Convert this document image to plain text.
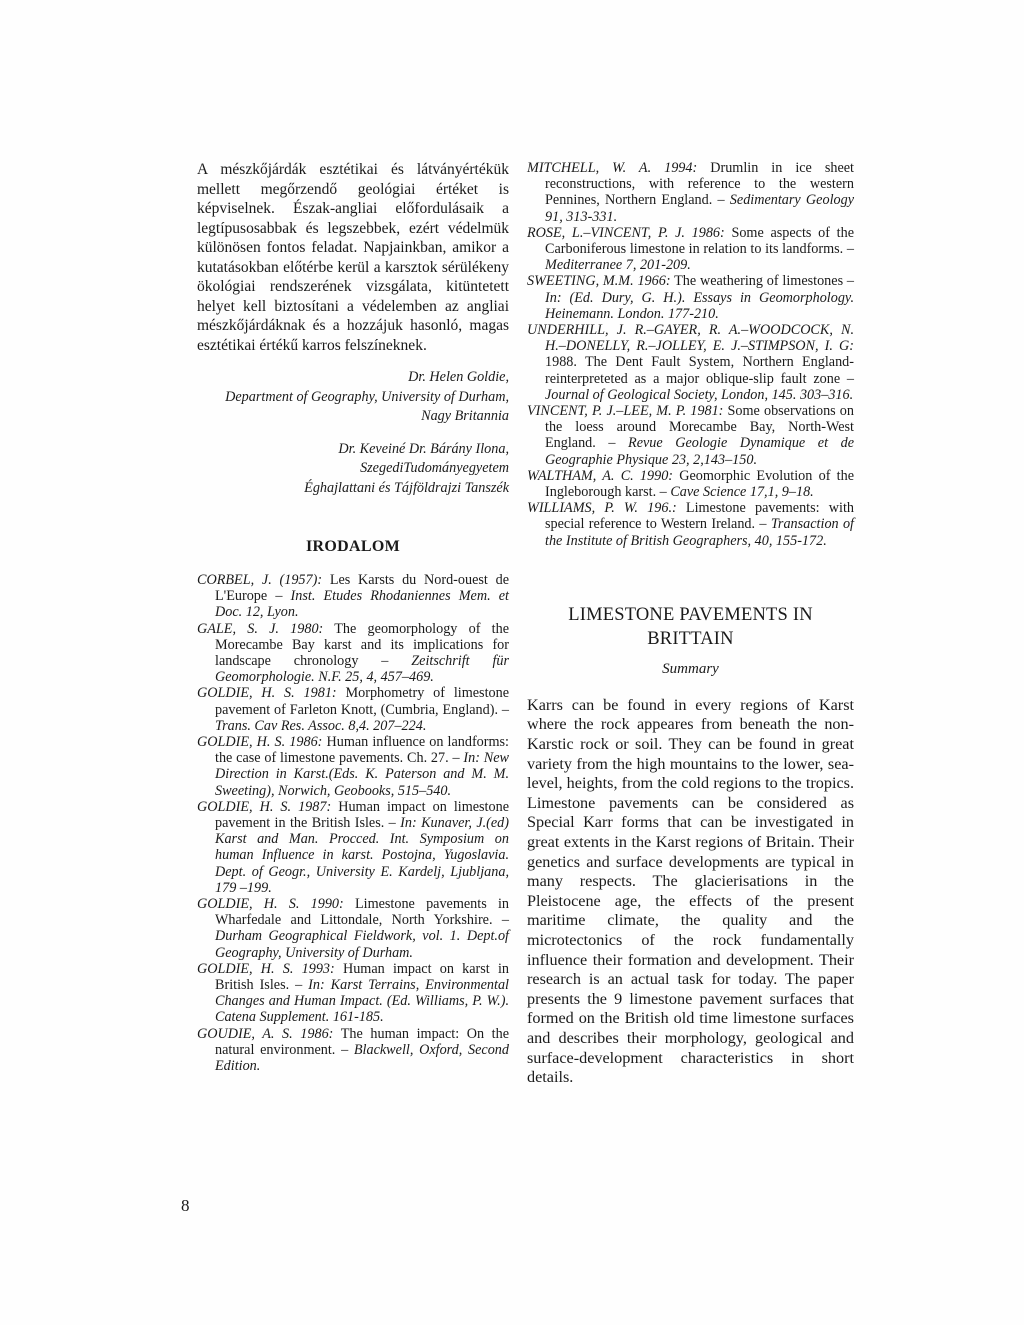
A mészkőjárdák esztétikai és látványértékük mellett megőrzendő geológiai értéket is képviselnek. Észak-angliai előfordulásaik a legtípusosabbak és legszebbek, ezért védelmük különösen fontos feladat. Napjainkban, amikor a kutatásokban előtérbe kerül a karsztok sérülékeny ökológiai rendszerének vizsgálata, kitüntetett helyet kell biztosítani a védelemben az angliai mészkőjárdáknak és a hozzájuk hasonló, magas esztétikai értékű karros felszíneknek.

Dr. Helen Goldie,
Department of Geography, University of Durham,
Nagy Britannia
Dr. Keveiné Dr. Bárány Ilona,
SzegediTudományegyetem
Éghajlattani és Tájföldrajzi Tanszék
IRODALOM

CORBEL, J. (1957): Les Karsts du Nord-ouest de L'Europe – Inst. Etudes Rhodaniennes Mem. et Doc. 12, Lyon.

GALE, S. J. 1980: The geomorphology of the Morecambe Bay karst and its implications for landscape chronology – Zeitschrift für Geomorphologie. N.F. 25, 4, 457–469.

GOLDIE, H. S. 1981: Morphometry of limestone pavement of Farleton Knott, (Cumbria, England). – Trans. Cav Res. Assoc. 8,4. 207–224.

GOLDIE, H. S. 1986: Human influence on landforms: the case of limestone pavements. Ch. 27. – In: New Direction in Karst.(Eds. K. Paterson and M. M. Sweeting), Norwich, Geobooks, 515–540.

GOLDIE, H. S. 1987: Human impact on limestone pavement in the British Isles. – In: Kunaver, J.(ed) Karst and Man. Procced. Int. Symposium on human Influence in karst. Postojna, Yugoslavia. Dept. of Geogr., University E. Kardelj, Ljubljana, 179 –199.

GOLDIE, H. S. 1990: Limestone pavements in Wharfedale and Littondale, North Yorkshire. – Durham Geographical Fieldwork, vol. 1. Dept.of Geography, University of Durham.

GOLDIE, H. S. 1993: Human impact on karst in British Isles. – In: Karst Terrains, Environmental Changes and Human Impact. (Ed. Williams, P. W.). Catena Supplement. 161-185.

GOUDIE, A. S. 1986: The human impact: On the natural environment. – Blackwell, Oxford, Second Edition.

MITCHELL, W. A. 1994: Drumlin in ice sheet reconstructions, with reference to the western Pennines, Northern England. – Sedimentary Geology 91, 313-331.

ROSE, L.–VINCENT, P. J. 1986: Some aspects of the Carboniferous limestone in relation to its landforms. – Mediterranee 7, 201-209.

SWEETING, M.M. 1966: The weathering of limestones – In: (Ed. Dury, G. H.). Essays in Geomorphology. Heinemann. London. 177-210.

UNDERHILL, J. R.–GAYER, R. A.–WOODCOCK, N. H.–DONELLY, R.–JOLLEY, E. J.–STIMPSON, I. G: 1988. The Dent Fault System, Northern England-reinterpreteted as a major oblique-slip fault zone – Journal of Geological Society, London, 145. 303–316.

VINCENT, P. J.–LEE, M. P. 1981: Some observations on the loess around Morecambe Bay, North-West England. – Revue Geologie Dynamique et de Geographie Physique 23, 2,143–150.

WALTHAM, A. C. 1990: Geomorphic Evolution of the Ingleborough karst. – Cave Science 17,1, 9–18.

WILLIAMS, P. W. 196.: Limestone pavements: with special reference to Western Ireland. – Transaction of the Institute of British Geographers, 40, 155-172.

LIMESTONE PAVEMENTS IN
BRITTAIN
Summary

Karrs can be found in every regions of Karst where the rock appeares from beneath the non-Karstic rock or soil. They can be found in great variety from the high mountains to the lower, sea-level, heights, from the cold regions to the tropics. Limestone pavements can be considered as Special Karr forms that can be investigated in great extents in the Karst regions of Britain. Their genetics and surface developments are typical in many respects. The glacierisations in the Pleistocene age, the effects of the present maritime climate, the quality and the microtectonics of the rock fundamentally influence their formation and development. Their research is an actual task for today. The paper presents the 9 limestone pavement surfaces that formed on the British old time limestone surfaces and describes their morphology, geological and surface-development characteristics in short details.

8
